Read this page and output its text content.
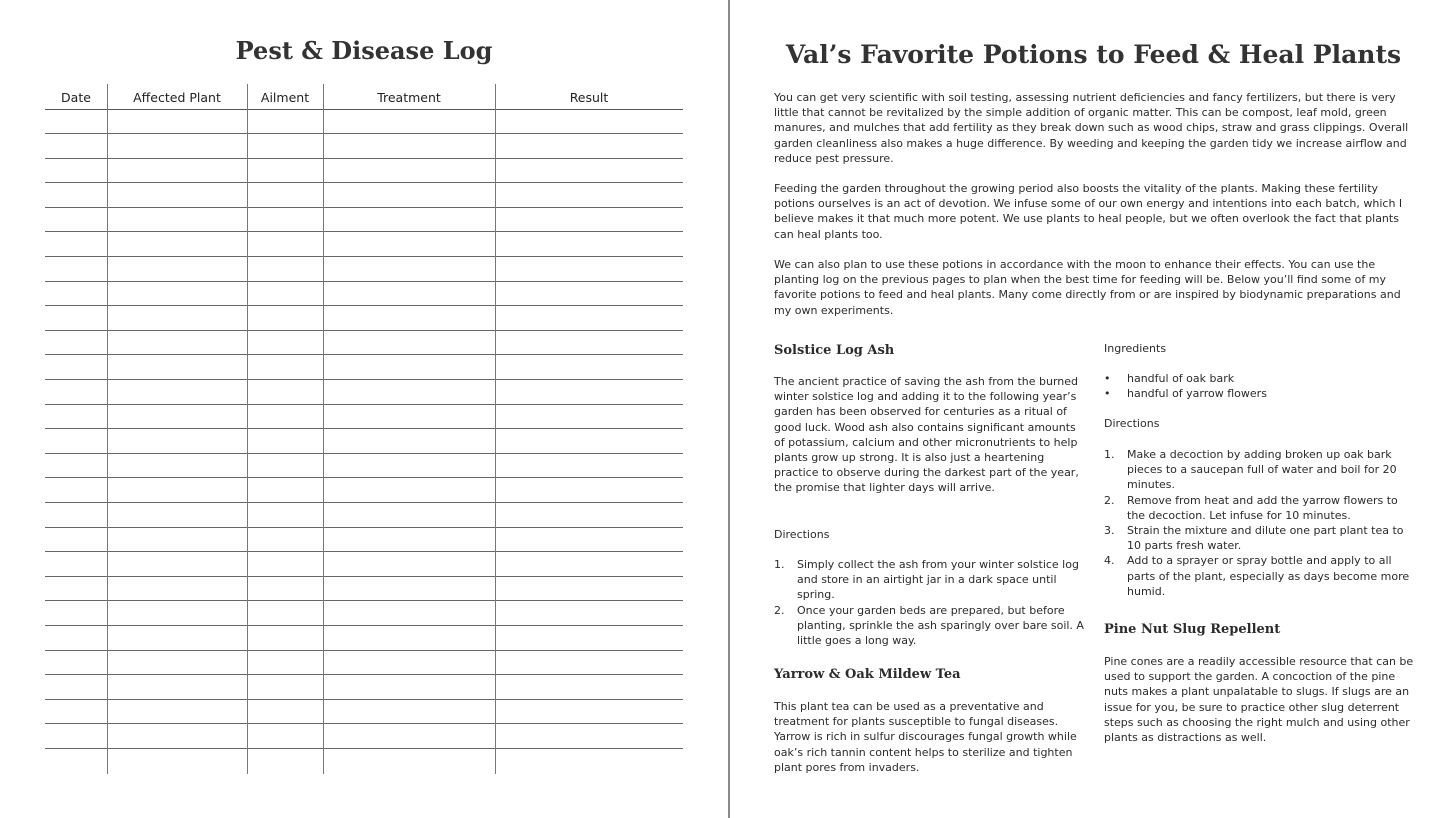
Pest & Disease Log
Date	Affected Plant	Ailment	Treatment	Result
Val’s Favorite Potions to Feed & Heal Plants
You can get very scientific with soil testing, assessing nutrient deficiencies and fancy fertilizers, but there is very little that cannot be revitalized by the simple addition of organic matter. This can be compost, leaf mold, green manures, and mulches that add fertility as they break down such as wood chips, straw and grass clippings. Overall garden cleanliness also makes a huge difference. By weeding and keeping the garden tidy we increase airflow and reduce pest pressure.
Feeding the garden throughout the growing period also boosts the vitality of the plants. Making these fertility potions ourselves is an act of devotion. We infuse some of our own energy and intentions into each batch, which I believe makes it that much more potent. We use plants to heal people, but we often overlook the fact that plants can heal plants too.
We can also plan to use these potions in accordance with the moon to enhance their effects. You can use the planting log on the previous pages to plan when the best time for feeding will be. Below you’ll find some of my favorite potions to feed and heal plants. Many come directly from or are inspired by biodynamic preparations and my own experiments.
Solstice Log Ash
The ancient practice of saving the ash from the burned winter solstice log and adding it to the following year’s garden has been observed for centuries as a ritual of good luck. Wood ash also contains significant amounts of potassium, calcium and other micronutrients to help plants grow up strong. It is also just a heartening practice to observe during the darkest part of the year, the promise that lighter days will arrive.
Directions
1. Simply collect the ash from your winter solstice log and store in an airtight jar in a dark space until spring.
2. Once your garden beds are prepared, but before planting, sprinkle the ash sparingly over bare soil. A little goes a long way.
Yarrow & Oak Mildew Tea
This plant tea can be used as a preventative and treatment for plants susceptible to fungal diseases. Yarrow is rich in sulfur discourages fungal growth while oak’s rich tannin content helps to sterilize and tighten plant pores from invaders.
Ingredients
• handful of oak bark
• handful of yarrow flowers
Directions
1. Make a decoction by adding broken up oak bark pieces to a saucepan full of water and boil for 20 minutes.
2. Remove from heat and add the yarrow flowers to the decoction. Let infuse for 10 minutes.
3. Strain the mixture and dilute one part plant tea to 10 parts fresh water.
4. Add to a sprayer or spray bottle and apply to all parts of the plant, especially as days become more humid.
Pine Nut Slug Repellent
Pine cones are a readily accessible resource that can be used to support the garden. A concoction of the pine nuts makes a plant unpalatable to slugs. If slugs are an issue for you, be sure to practice other slug deterrent steps such as choosing the right mulch and using other plants as distractions as well.
